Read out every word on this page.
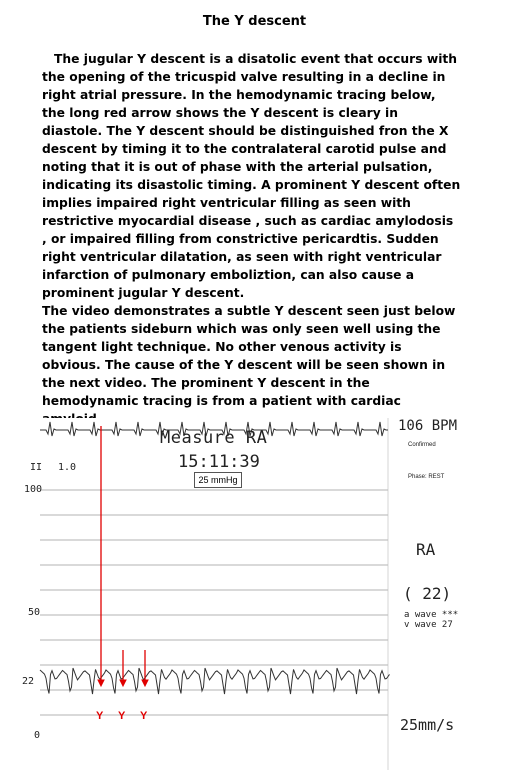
The Y descent

The jugular Y descent is a disatolic event that occurs with the opening of the tricuspid valve resulting in a decline in right atrial pressure. In the hemodynamic tracing below, the long red arrow shows the Y descent is cleary in diastole. The Y descent should be distinguished fron the X descent by timing it to the contralateral carotid pulse and noting that it is out of phase with the arterial pulsation, indicating its disastolic timing. A prominent Y descent often implies impaired right ventricular filling as seen with restrictive myocardial disease , such as cardiac amylodosis , or impaired filling from constrictive pericardtis. Sudden right ventricular dilatation, as seen with right ventricular infarction of pulmonary emboliztion, can also cause a prominent jugular Y descent.

The video demonstrates a subtle Y descent seen just below the patients sideburn which was only seen well using the tangent light technique. No other venous activity is obvious. The cause of the Y descent will be seen shown in the next video. The prominent Y descent in the hemodynamic tracing is from a patient with cardiac

Measure RA
15:11:39
25 mmHg
106 BPM
Confirmed
Phase: REST
II 1.0
100
50
22
0
RA
( 22)
a wave ***
v wave 27
25mm/s
Y Y Y
